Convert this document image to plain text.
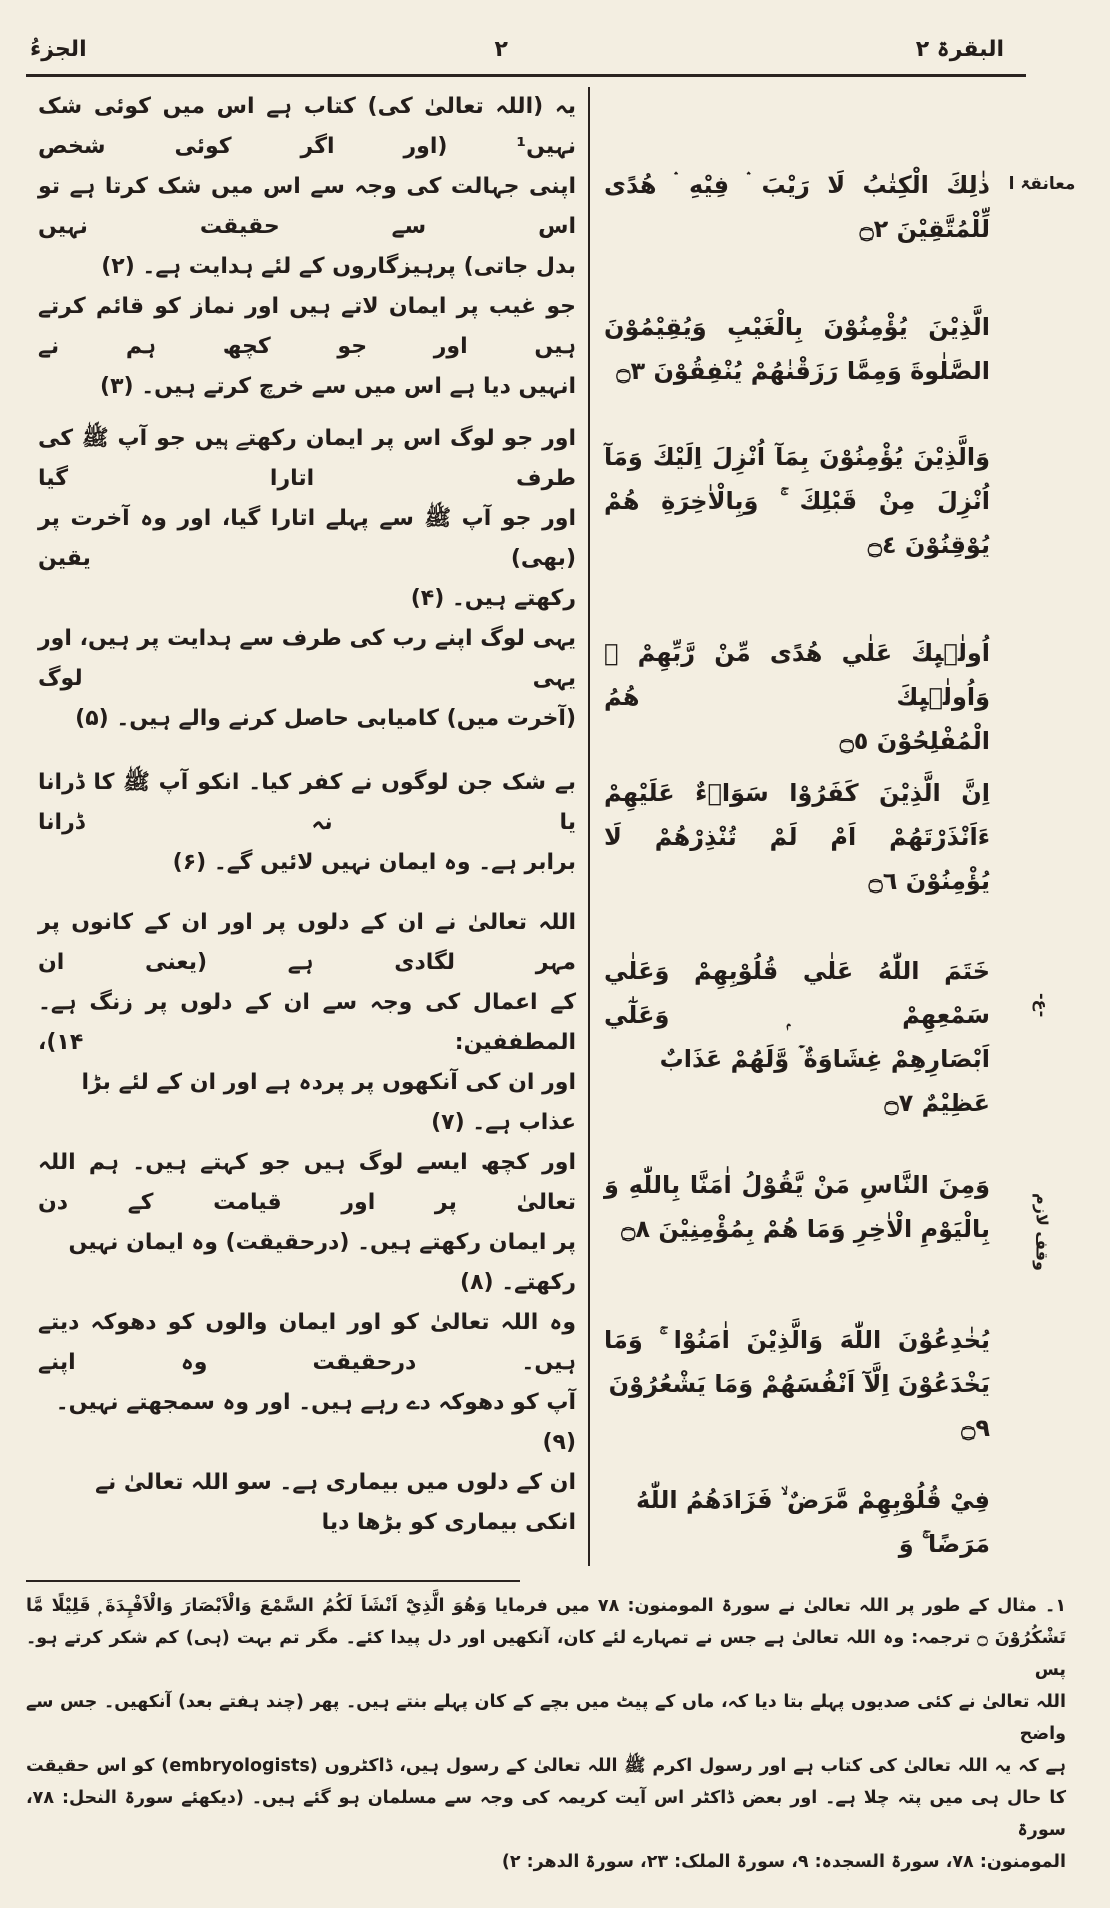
البقرۃ ۲
۲
الجزءُ
یہ (اللہ تعالیٰ کی) کتاب ہے اس میں کوئی شک نہیں¹ (اور اگر کوئی شخص
اپنی جہالت کی وجہ سے اس میں شک کرتا ہے تو اس سے حقیقت نہیں
بدل جاتی) پرہیزگاروں کے لئے ہدایت ہے۔ (۲)
ذٰلِكَ الْكِتٰبُ لَا رَيْبَ ۛ فِيْهِ ۛ هُدًى
لِّلْمُتَّقِيْنَ ۝٢
معانقۃ ا
جو غیب پر ایمان لاتے ہیں اور نماز کو قائم کرتے ہیں اور جو کچھ ہم نے
انہیں دیا ہے اس میں سے خرچ کرتے ہیں۔ (۳)
الَّذِيْنَ يُؤْمِنُوْنَ بِالْغَيْبِ وَيُقِيْمُوْنَ
الصَّلٰوةَ وَمِمَّا رَزَقْنٰهُمْ يُنْفِقُوْنَ ۝٣
اور جو لوگ اس پر ایمان رکھتے ہیں جو آپ ﷺ کی طرف اتارا گیا
اور جو آپ ﷺ سے پہلے اتارا گیا، اور وہ آخرت پر (بھی) یقین
رکھتے ہیں۔ (۴)
وَالَّذِيْنَ يُؤْمِنُوْنَ بِمَآ اُنْزِلَ اِلَيْكَ وَمَآ
اُنْزِلَ مِنْ قَبْلِكَ ۚ وَبِالْاٰخِرَةِ هُمْ
يُوْقِنُوْنَ ۝٤
یہی لوگ اپنے رب کی طرف سے ہدایت پر ہیں، اور یہی لوگ
(آخرت میں) کامیابی حاصل کرنے والے ہیں۔ (۵)
اُولٰۗىِٕكَ عَلٰي هُدًى مِّنْ رَّبِّهِمْ ۤ وَاُولٰۗىِٕكَ هُمُ
الْمُفْلِحُوْنَ ۝٥
بے شک جن لوگوں نے کفر کیا۔ انکو آپ ﷺ کا ڈرانا یا نہ ڈرانا
برابر ہے۔ وہ ایمان نہیں لائیں گے۔ (۶)
اِنَّ الَّذِيْنَ كَفَرُوْا سَوَاۗءٌ عَلَيْهِمْ
ءَاَنْذَرْتَهُمْ اَمْ لَمْ تُنْذِرْھُمْ لَا
يُؤْمِنُوْنَ ۝٦
اللہ تعالیٰ نے ان کے دلوں پر اور ان کے کانوں پر مہر لگادی ہے (یعنی ان
کے اعمال کی وجہ سے ان کے دلوں پر زنگ ہے۔ المطففین: ۱۴)،
اور ان کی آنکھوں پر پردہ ہے اور ان کے لئے بڑا عذاب ہے۔ (۷)
خَتَمَ اللّٰهُ عَلٰي قُلُوْبِهِمْ وَعَلٰي سَمْعِهِمْ ۭ وَعَلٰٓي
اَبْصَارِهِمْ غِشَاوَةٌ ۡ وَّلَهُمْ عَذَابٌ عَظِيْمٌ ۝٧
-ع-
اور کچھ ایسے لوگ ہیں جو کہتے ہیں۔ ہم اللہ تعالیٰ پر اور قیامت کے دن
پر ایمان رکھتے ہیں۔ (درحقیقت) وہ ایمان نہیں رکھتے۔ (۸)
وَمِنَ النَّاسِ مَنْ يَّقُوْلُ اٰمَنَّا بِاللّٰهِ وَ
بِالْيَوْمِ الْاٰخِرِ وَمَا ھُمْ بِمُؤْمِنِيْنَ ۝٨	وقف لازم
وہ اللہ تعالیٰ کو اور ایمان والوں کو دھوکہ دیتے ہیں۔ درحقیقت وہ اپنے
آپ کو دھوکہ دے رہے ہیں۔ اور وہ سمجھتے نہیں۔ (۹)
يُخٰدِعُوْنَ اللّٰهَ وَالَّذِيْنَ اٰمَنُوْا ۚ وَمَا
يَخْدَعُوْنَ اِلَّآ اَنْفُسَھُمْ وَمَا يَشْعُرُوْنَ ۝٩
ان کے دلوں میں بیماری ہے۔ سو اللہ تعالیٰ نے انکی بیماری کو بڑھا دیا
فِيْ قُلُوْبِهِمْ مَّرَضٌ ۙ فَزَادَھُمُ اللّٰهُ مَرَضًا ۚ وَ
۱۔ مثال کے طور پر اللہ تعالیٰ نے سورۃ المومنون: ۷۸ میں فرمایا وَهُوَ الَّذِيْٓ اَنْشَاَ لَكُمُ السَّمْعَ وَالْاَبْصَارَ وَالْاَفْـِٕدَةَ ۭ قَلِيْلًا مَّا
تَشْكُرُوْنَ ۝ ترجمہ: وہ اللہ تعالیٰ ہے جس نے تمہارے لئے کان، آنکھیں اور دل پیدا کئے۔ مگر تم بہت (ہی) کم شکر کرتے ہو۔ پس
اللہ تعالیٰ نے کئی صدیوں پہلے بتا دیا کہ، ماں کے پیٹ میں بچے کے کان پہلے بنتے ہیں۔ پھر (چند ہفتے بعد) آنکھیں۔ جس سے واضح
ہے کہ یہ اللہ تعالیٰ کی کتاب ہے اور رسول اکرم ﷺ اللہ تعالیٰ کے رسول ہیں، ڈاکٹروں (embryologists) کو اس حقیقت
کا حال ہی میں پتہ چلا ہے۔ اور بعض ڈاکٹر اس آیت کریمہ کی وجہ سے مسلمان ہو گئے ہیں۔ (دیکھئے سورۃ النحل: ۷۸، سورۃ
المومنون: ۷۸، سورۃ السجدہ: ۹، سورۃ الملک: ۲۳، سورۃ الدھر: ۲)
